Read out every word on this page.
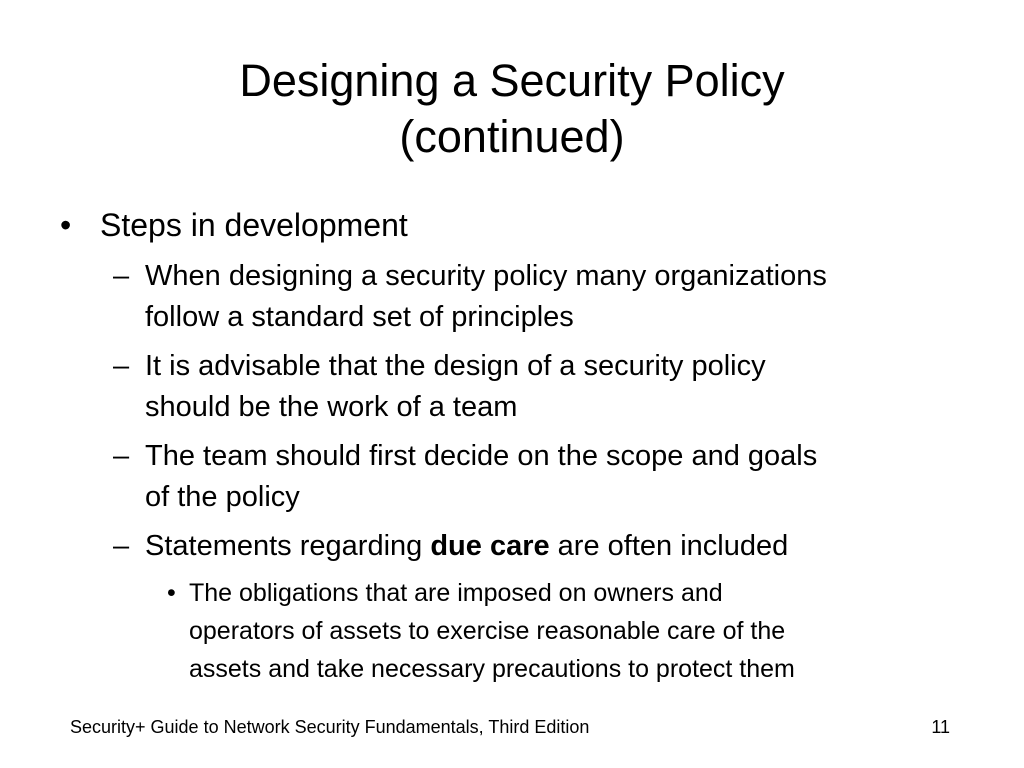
Designing a Security Policy
(continued)
• Steps in development
– When designing a security policy many organizations
follow a standard set of principles
– It is advisable that the design of a security policy
should be the work of a team
– The team should first decide on the scope and goals
of the policy
– Statements regarding due care are often included
• The obligations that are imposed on owners and
operators of assets to exercise reasonable care of the
assets and take necessary precautions to protect them
Security+ Guide to Network Security Fundamentals, Third Edition	11
